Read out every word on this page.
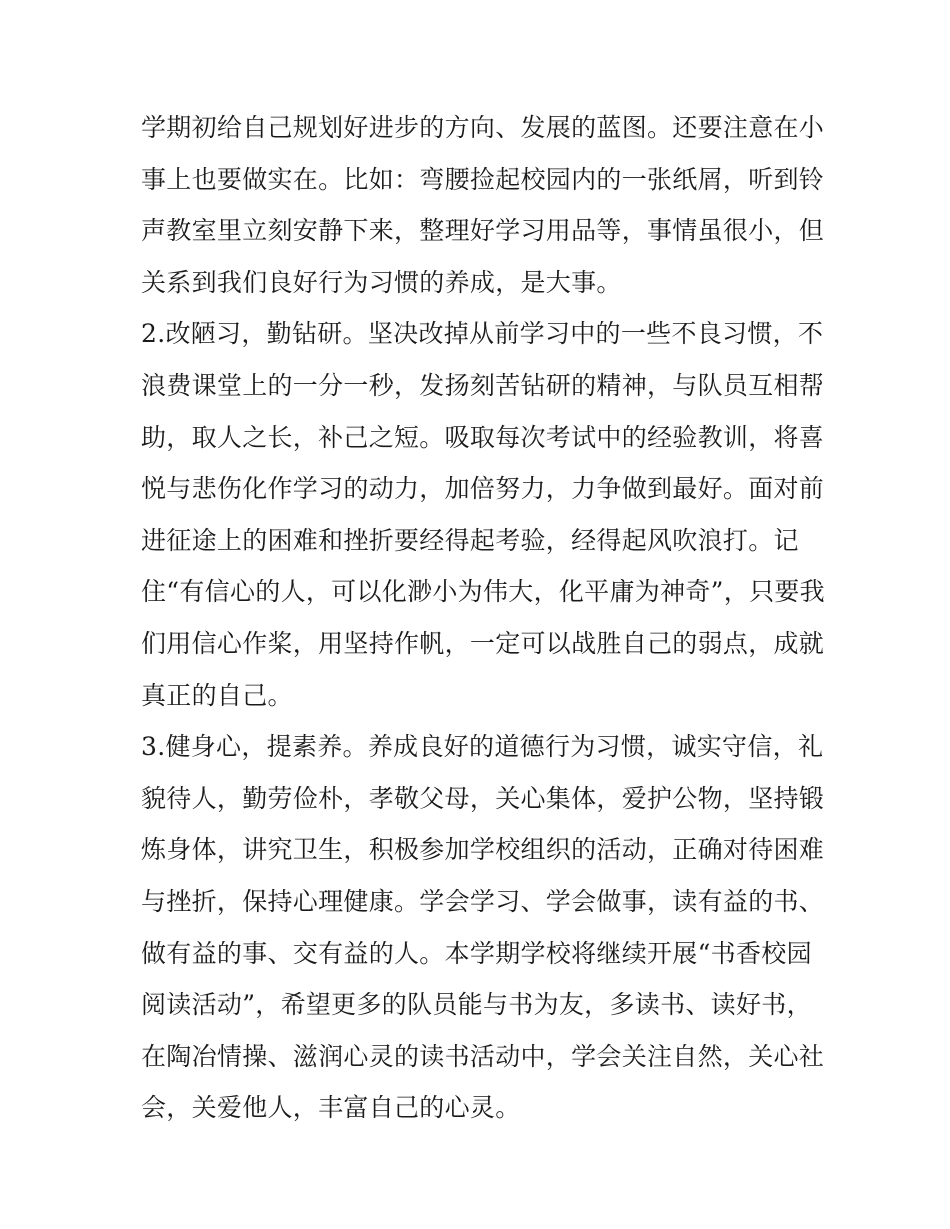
学期初给自己规划好进步的方向、发展的蓝图。还要注意在小
事上也要做实在。比如：弯腰捡起校园内的一张纸屑，听到铃
声教室里立刻安静下来，整理好学习用品等，事情虽很小，但
关系到我们良好行为习惯的养成，是大事。
2.改陋习，勤钻研。坚决改掉从前学习中的一些不良习惯，不
浪费课堂上的一分一秒，发扬刻苦钻研的精神，与队员互相帮
助，取人之长，补己之短。吸取每次考试中的经验教训，将喜
悦与悲伤化作学习的动力，加倍努力，力争做到最好。面对前
进征途上的困难和挫折要经得起考验，经得起风吹浪打。记
住“有信心的人，可以化渺小为伟大，化平庸为神奇”，只要我
们用信心作桨，用坚持作帆，一定可以战胜自己的弱点，成就
真正的自己。
3.健身心，提素养。养成良好的道德行为习惯，诚实守信，礼
貌待人，勤劳俭朴，孝敬父母，关心集体，爱护公物，坚持锻
炼身体，讲究卫生，积极参加学校组织的活动，正确对待困难
与挫折，保持心理健康。学会学习、学会做事，读有益的书、
做有益的事、交有益的人。本学期学校将继续开展“书香校园
阅读活动”，希望更多的队员能与书为友，多读书、读好书，
在陶冶情操、滋润心灵的读书活动中，学会关注自然，关心社
会，关爱他人，丰富自己的心灵。
